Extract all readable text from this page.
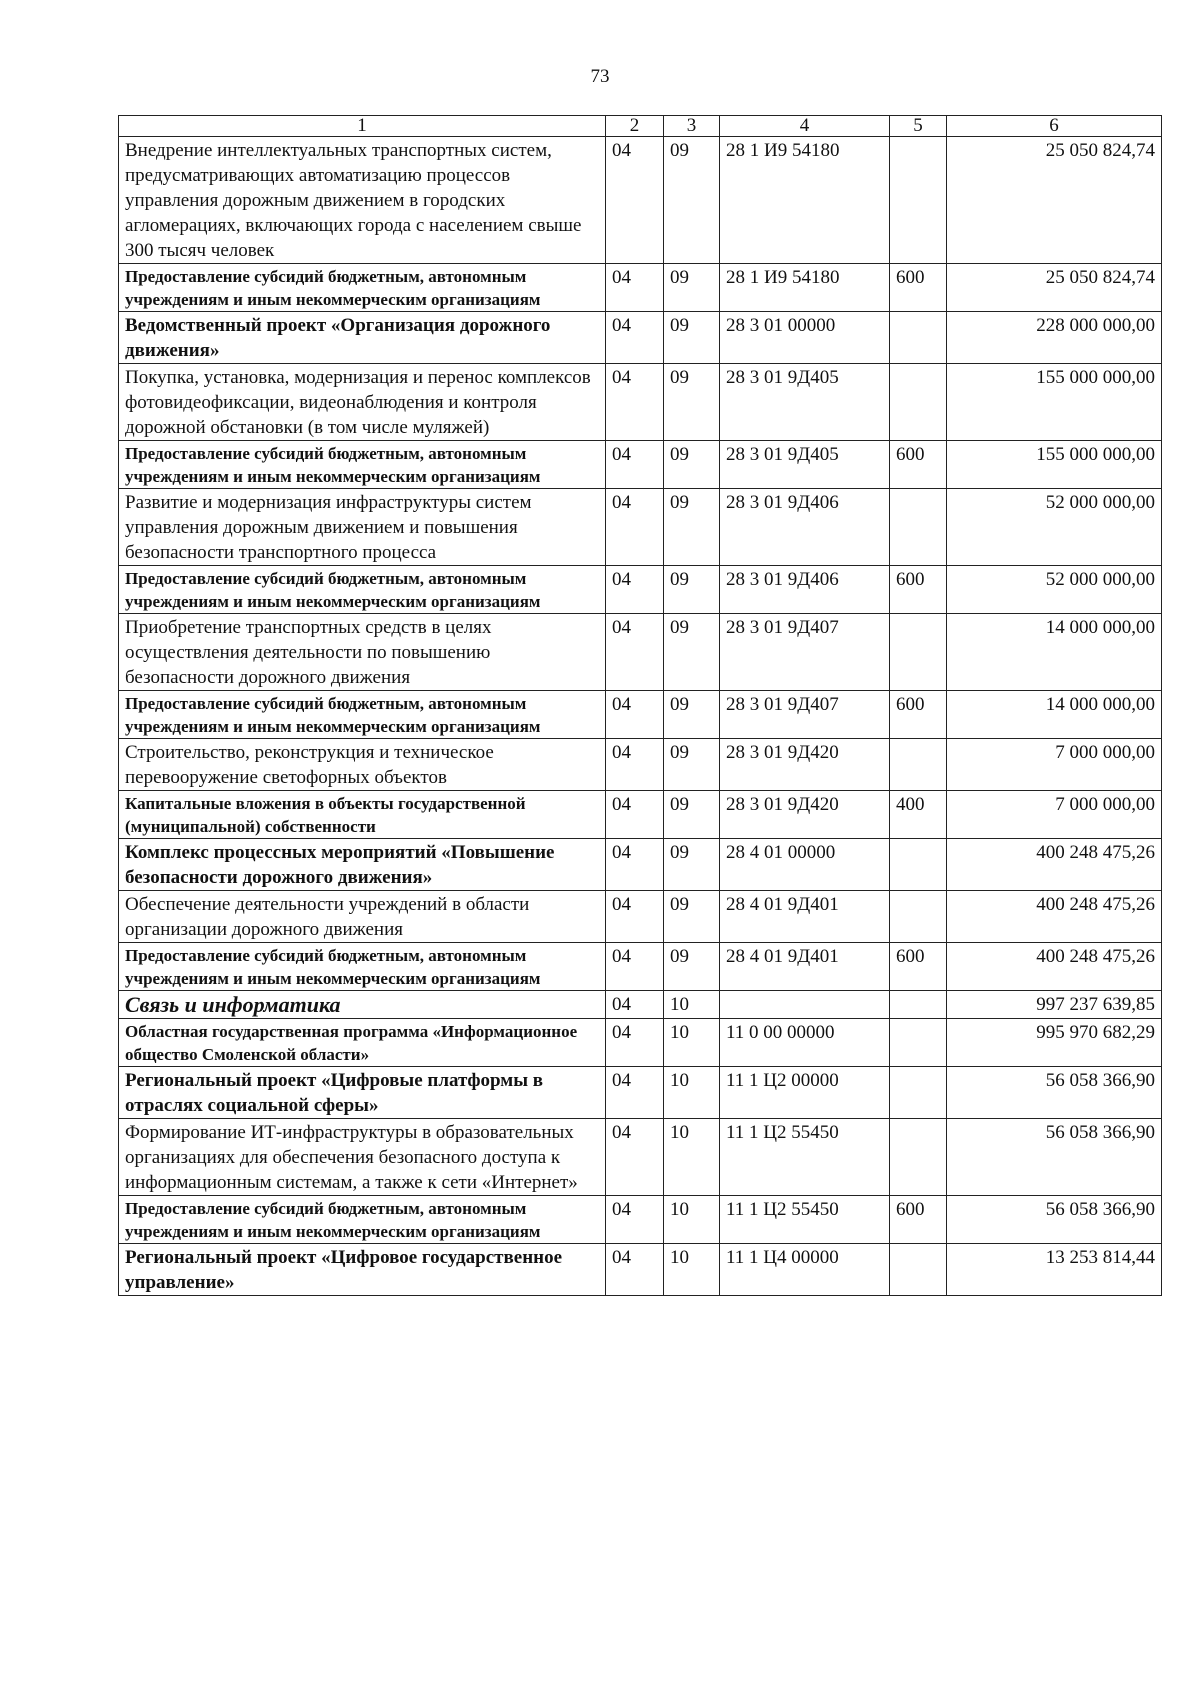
73
1	2	3	4	5	6
Внедрение интеллектуальных транспортных систем, предусматривающих автоматизацию процессов управления дорожным движением в городских агломерациях, включающих города с населением свыше 300 тысяч человек	04	09	28 1 И9 54180		25 050 824,74
Предоставление субсидий бюджетным, автономным учреждениям и иным некоммерческим организациям	04	09	28 1 И9 54180	600	25 050 824,74
Ведомственный проект «Организация дорожного движения»	04	09	28 3 01 00000		228 000 000,00
Покупка, установка, модернизация и перенос комплексов фотовидеофиксации, видеонаблюдения и контроля дорожной обстановки (в том числе муляжей)	04	09	28 3 01 9Д405		155 000 000,00
Предоставление субсидий бюджетным, автономным учреждениям и иным некоммерческим организациям	04	09	28 3 01 9Д405	600	155 000 000,00
Развитие и модернизация инфраструктуры систем управления дорожным движением и повышения безопасности транспортного процесса	04	09	28 3 01 9Д406		52 000 000,00
Предоставление субсидий бюджетным, автономным учреждениям и иным некоммерческим организациям	04	09	28 3 01 9Д406	600	52 000 000,00
Приобретение транспортных средств в целях осуществления деятельности по повышению безопасности дорожного движения	04	09	28 3 01 9Д407		14 000 000,00
Предоставление субсидий бюджетным, автономным учреждениям и иным некоммерческим организациям	04	09	28 3 01 9Д407	600	14 000 000,00
Строительство, реконструкция и техническое перевооружение светофорных объектов	04	09	28 3 01 9Д420		7 000 000,00
Капитальные вложения в объекты государственной (муниципальной) собственности	04	09	28 3 01 9Д420	400	7 000 000,00
Комплекс процессных мероприятий «Повышение безопасности дорожного движения»	04	09	28 4 01 00000		400 248 475,26
Обеспечение деятельности учреждений в области организации дорожного движения	04	09	28 4 01 9Д401		400 248 475,26
Предоставление субсидий бюджетным, автономным учреждениям и иным некоммерческим организациям	04	09	28 4 01 9Д401	600	400 248 475,26
Связь и информатика	04	10			997 237 639,85
Областная государственная программа «Информационное общество Смоленской области»	04	10	11 0 00 00000		995 970 682,29
Региональный проект «Цифровые платформы в отраслях социальной сферы»	04	10	11 1 Ц2 00000		56 058 366,90
Формирование ИТ-инфраструктуры в образовательных организациях для обеспечения безопасного доступа к информационным системам, а также к сети «Интернет»	04	10	11 1 Ц2 55450		56 058 366,90
Предоставление субсидий бюджетным, автономным учреждениям и иным некоммерческим организациям	04	10	11 1 Ц2 55450	600	56 058 366,90
Региональный проект «Цифровое государственное управление»	04	10	11 1 Ц4 00000		13 253 814,44
